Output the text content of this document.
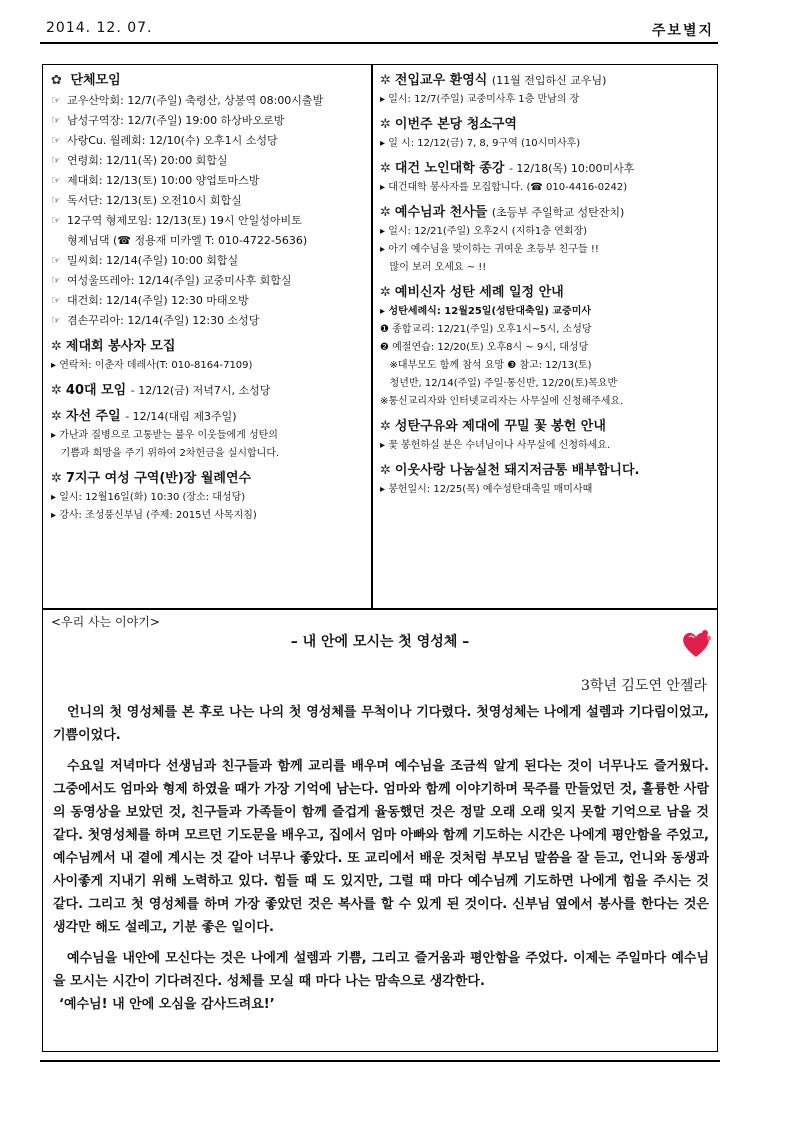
2014. 12. 07.	주보별지
✿ 단체모임
☞ 교우산악회: 12/7(주일) 축령산, 상봉역 08:00시출발
☞ 남성구역장: 12/7(주일) 19:00 하상바오로방
☞ 사랑Cu. 월례회: 12/10(수) 오후1시 소성당
☞ 연령회: 12/11(목) 20:00 회합실
☞ 제대회: 12/13(토) 10:00 양업토마스방
☞ 독서단: 12/13(토) 오전10시 회합실
☞ 12구역 형제모임: 12/13(토) 19시 안일성아비토
형제님댁 (☎ 정용재 미카엘 T: 010-4722-5636)
☞ 밀씨회: 12/14(주일) 10:00 회합실
☞ 여성울뜨레아: 12/14(주일) 교중미사후 회합실
☞ 대건회: 12/14(주일) 12:30 마태오방
☞ 겸손꾸리아: 12/14(주일) 12:30 소성당
✲ 제대회 봉사자 모집
▸ 연락처: 이춘자 데레사(T: 010-8164-7109)
✲ 40대 모임 - 12/12(금) 저녁7시, 소성당
✲ 자선 주일 - 12/14(대림 제3주일)
▸ 가난과 질병으로 고통받는 불우 이웃들에게 성탄의
기쁨과 희망을 주기 위하여 2차헌금을 실시합니다.
✲ 7지구 여성 구역(반)장 월례연수
▸ 일시: 12월16일(화) 10:30 (장소: 대성당)
▸ 강사: 조성풍신부님 (주제: 2015년 사목지침)
✲ 전입교우 환영식 (11월 전입하신 교우님)
▸ 일시: 12/7(주일) 교중미사후 1층 만남의 장
✲ 이번주 본당 청소구역
▸ 일 시: 12/12(금) 7, 8, 9구역 (10시미사후)
✲ 대건 노인대학 종강 - 12/18(목) 10:00미사후
▸ 대건대학 봉사자를 모집합니다. (☎ 010-4416-0242)
✲ 예수님과 천사들 (초등부 주일학교 성탄잔치)
▸ 일시: 12/21(주일) 오후2시 (지하1층 연회장)
▸ 아기 예수님을 맞이하는 귀여운 초등부 친구들 !!
많이 보러 오세요 ~ !!
✲ 예비신자 성탄 세례 일정 안내
▸ 성탄세례식: 12월25일(성탄대축일) 교중미사
❶ 종합교리: 12/21(주일) 오후1시~5시, 소성당
❷ 예절연습: 12/20(토) 오후8시 ~ 9시, 대성당
※대부모도 함께 참석 요망 ❸ 참고: 12/13(토)
청년반, 12/14(주일) 주일·통신반, 12/20(토)목요반
※통신교리자와 인터넷교리자는 사무실에 신청해주세요.
✲ 성탄구유와 제대에 꾸밀 꽃 봉헌 안내
▸ 꽃 봉헌하실 분은 수녀님이나 사무실에 신청하세요.
✲ 이웃사랑 나눔실천 돼지저금통 배부합니다.
▸ 봉헌일시: 12/25(목) 예수성탄대축일 매미사때
<우리 사는 이야기>
– 내 안에 모시는 첫 영성체 –
3학년 김도연 안젤라

언니의 첫 영성체를 본 후로 나는 나의 첫 영성체를 무척이나 기다렸다. 첫영성체는 나에게 설렘과 기다림이었고, 기쁨이었다.

수요일 저녁마다 선생님과 친구들과 함께 교리를 배우며 예수님을 조금씩 알게 된다는 것이 너무나도 즐거웠다. 그중에서도 엄마와 형제 하였을 때가 가장 기억에 남는다. 엄마와 함께 이야기하며 묵주를 만들었던 것, 훌륭한 사람의 동영상을 보았던 것, 친구들과 가족들이 함께 즐겁게 율동했던 것은 정말 오래 오래 잊지 못할 기억으로 남을 것 같다. 첫영성체를 하며 모르던 기도문을 배우고, 집에서 엄마 아빠와 함께 기도하는 시간은 나에게 평안함을 주었고, 예수님께서 내 곁에 계시는 것 같아 너무나 좋았다. 또 교리에서 배운 것처럼 부모님 말씀을 잘 듣고, 언니와 동생과 사이좋게 지내기 위해 노력하고 있다. 힘들 때 도 있지만, 그럴 때 마다 예수님께 기도하면 나에게 힘을 주시는 것 같다. 그리고 첫 영성체를 하며 가장 좋았던 것은 복사를 할 수 있게 된 것이다. 신부님 옆에서 봉사를 한다는 것은 생각만 해도 설레고, 기분 좋은 일이다.

예수님을 내안에 모신다는 것은 나에게 설렘과 기쁨, 그리고 즐거움과 평안함을 주었다. 이제는 주일마다 예수님을 모시는 시간이 기다려진다. 성체를 모실 때 마다 나는 맘속으로 생각한다.

‘예수님! 내 안에 오심을 감사드려요!’
